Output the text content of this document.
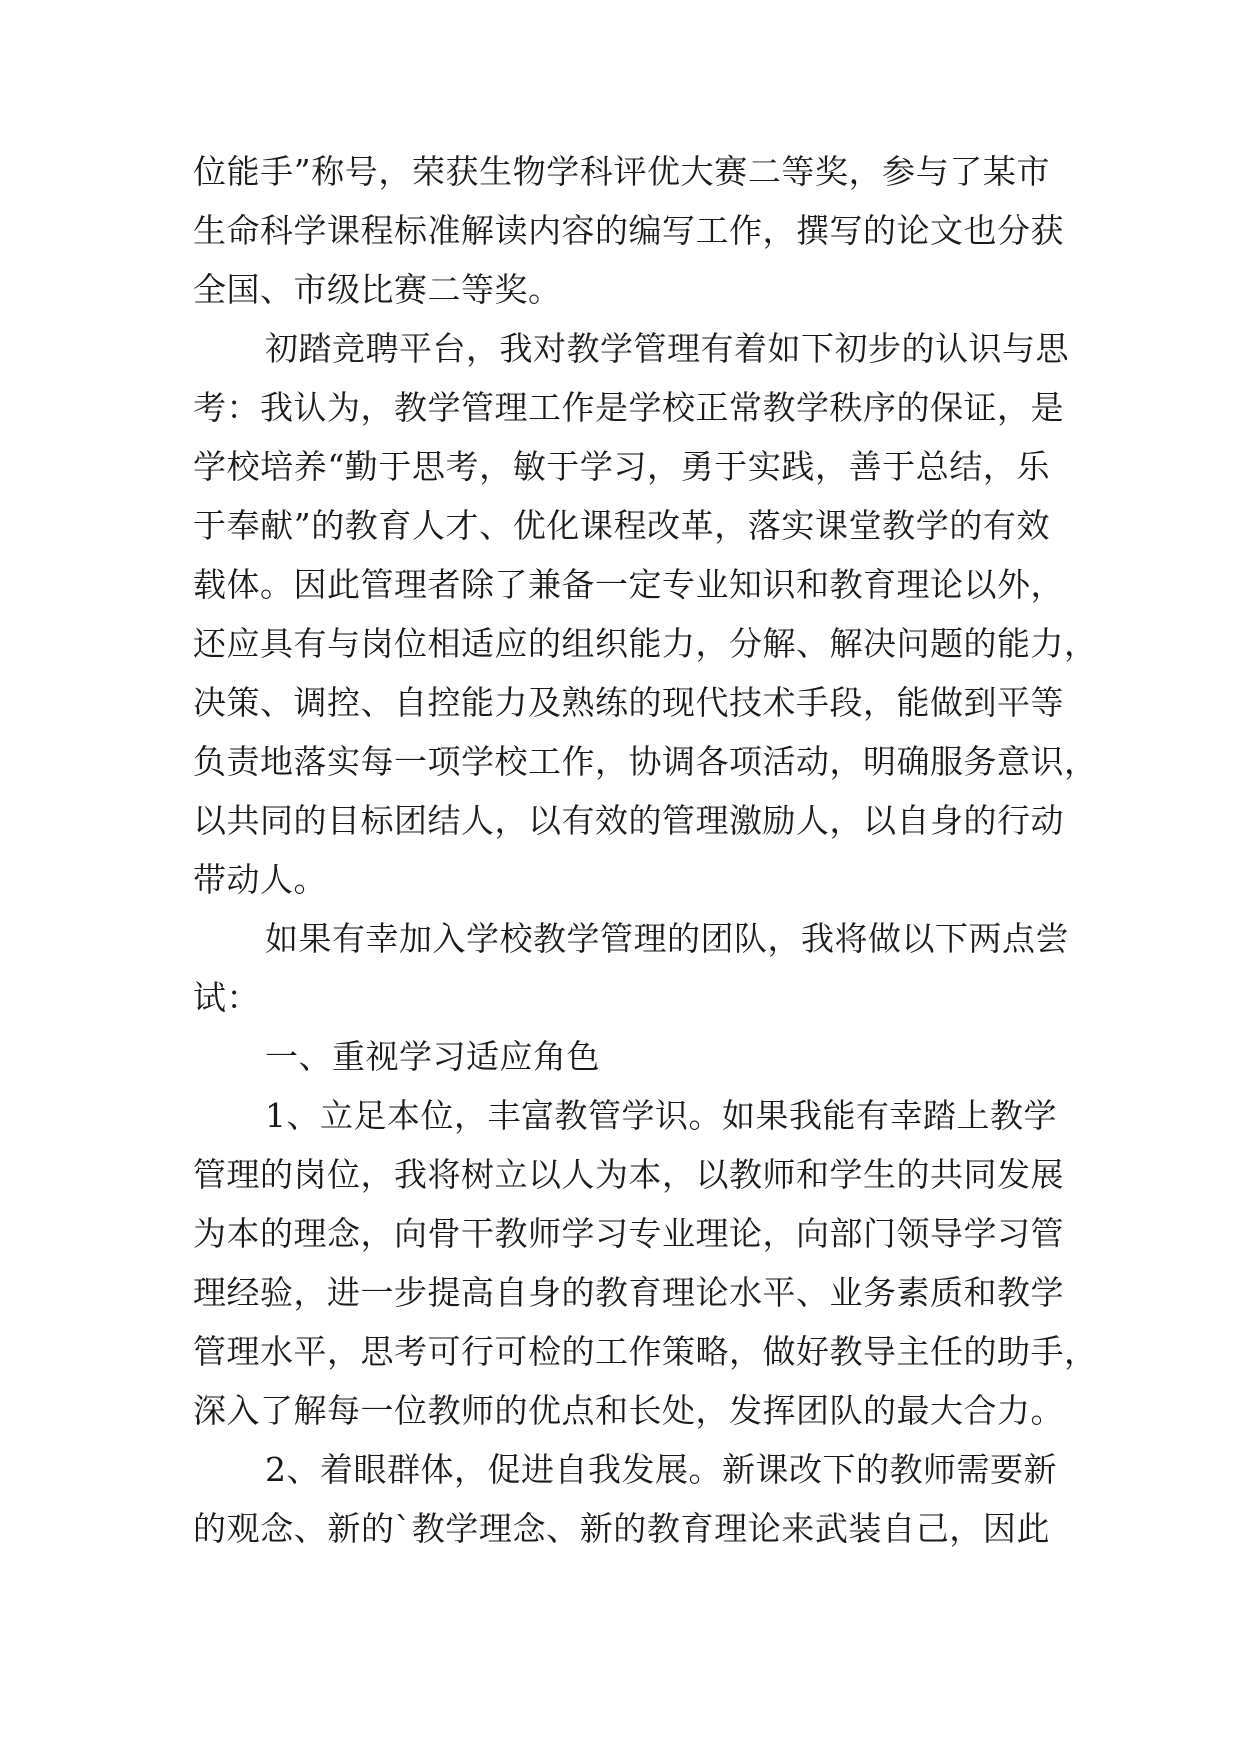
位能手”称号，荣获生物学科评优大赛二等奖，参与了某市
生命科学课程标准解读内容的编写工作，撰写的论文也分获
全国、市级比赛二等奖。
初踏竞聘平台，我对教学管理有着如下初步的认识与思
考：我认为，教学管理工作是学校正常教学秩序的保证，是
学校培养“勤于思考，敏于学习，勇于实践，善于总结，乐
于奉献”的教育人才、优化课程改革，落实课堂教学的有效
载体。因此管理者除了兼备一定专业知识和教育理论以外，
还应具有与岗位相适应的组织能力，分解、解决问题的能力，
决策、调控、自控能力及熟练的现代技术手段，能做到平等
负责地落实每一项学校工作，协调各项活动，明确服务意识，
以共同的目标团结人，以有效的管理激励人，以自身的行动
带动人。
如果有幸加入学校教学管理的团队，我将做以下两点尝
试：
一、重视学习适应角色
1、立足本位，丰富教管学识。如果我能有幸踏上教学
管理的岗位，我将树立以人为本，以教师和学生的共同发展
为本的理念，向骨干教师学习专业理论，向部门领导学习管
理经验，进一步提高自身的教育理论水平、业务素质和教学
管理水平，思考可行可检的工作策略，做好教导主任的助手，
深入了解每一位教师的优点和长处，发挥团队的最大合力。
2、着眼群体，促进自我发展。新课改下的教师需要新
的观念、新的`教学理念、新的教育理论来武装自己，因此
